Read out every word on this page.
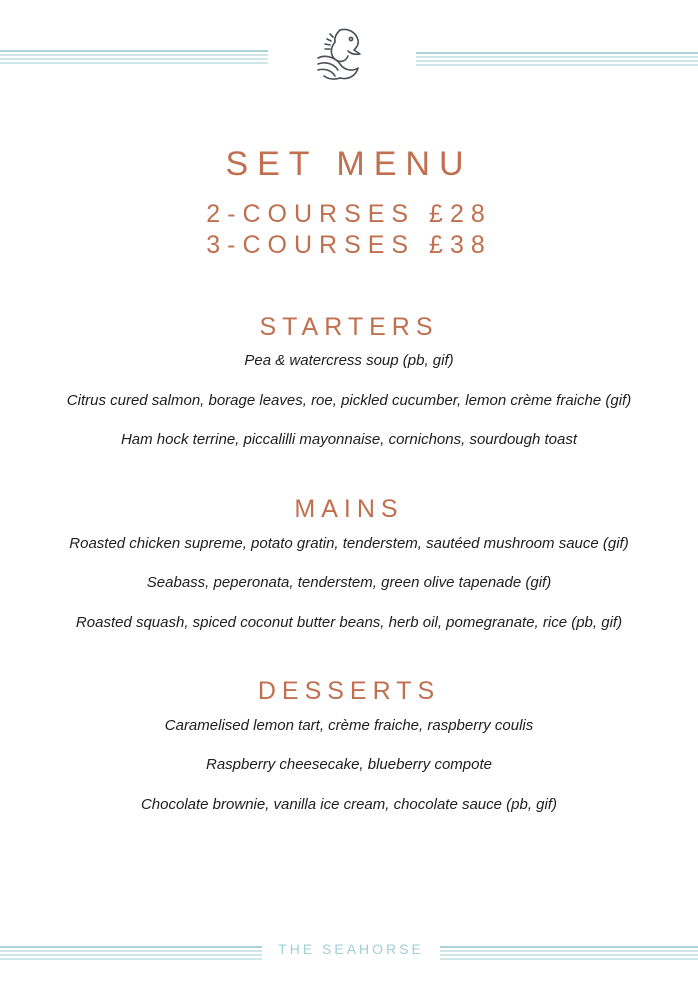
SET MENU
2-COURSES £28
3-COURSES £38
STARTERS
Pea & watercress soup (pb, gif)
Citrus cured salmon, borage leaves, roe, pickled cucumber, lemon crème fraiche (gif)
Ham hock terrine, piccalilli mayonnaise, cornichons, sourdough toast
MAINS
Roasted chicken supreme, potato gratin, tenderstem, sautéed mushroom sauce (gif)
Seabass, peperonata, tenderstem, green olive tapenade (gif)
Roasted squash, spiced coconut butter beans, herb oil, pomegranate, rice (pb, gif)
DESSERTS
Caramelised lemon tart, crème fraiche, raspberry coulis
Raspberry cheesecake, blueberry compote
Chocolate brownie, vanilla ice cream, chocolate sauce (pb, gif)
THE SEAHORSE
